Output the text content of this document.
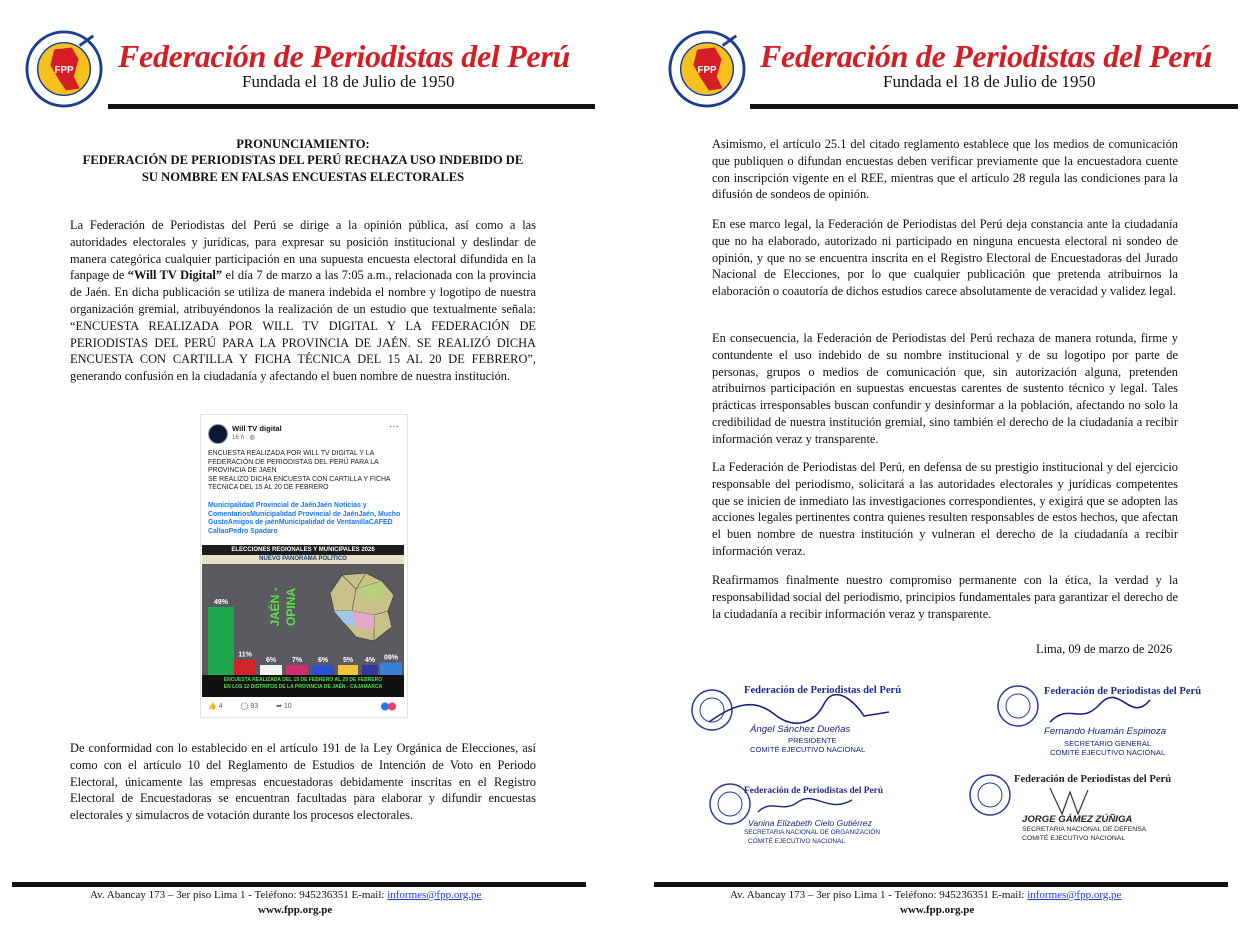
FPP Federación de Periodistas del Perú
Fundada el 18 de Julio de 1950
PRONUNCIAMIENTO:
FEDERACIÓN DE PERIODISTAS DEL PERÚ RECHAZA USO INDEBIDO DE
SU NOMBRE EN FALSAS ENCUESTAS ELECTORALES

La Federación de Periodistas del Perú se dirige a la opinión pública, así como a las autoridades electorales y jurídicas, para expresar su posición institucional y deslindar de manera categórica cualquier participación en una supuesta encuesta electoral difundida en la fanpage de “Will TV Digital” el día 7 de marzo a las 7:05 a.m., relacionada con la provincia de Jaén. En dicha publicación se utiliza de manera indebida el nombre y logotipo de nuestra organización gremial, atribuyéndonos la realización de un estudio que textualmente señala: “ENCUESTA REALIZADA POR WILL TV DIGITAL Y LA FEDERACIÓN DE PERIODISTAS DEL PERÚ PARA LA PROVINCIA DE JAÉN. SE REALIZÓ DICHA ENCUESTA CON CARTILLA Y FICHA TÉCNICA DEL 15 AL 20 DE FEBRERO”, generando confusión en la ciudadanía y afectando el buen nombre de nuestra institución.

Will TV digital
16 h · ◍
···
ENCUESTA REALIZADA POR WILL TV DIGITAL Y LA FEDERACIÓN DE PERIODISTAS DEL PERÚ PARA LA PROVINCIA DE JAEN
SE REALIZO DICHA ENCUESTA CON CARTILLA Y FICHA TECNICA DEL 15 AL 20 DE FEBRERO
Municipalidad Provincial de JaénJaén Noticias y ComentariosMunicipalidad Provincial de JaénJaén, Mucho GustoAmigos de jaénMunicipalidad de VentanillaCAFED CallaoPedro Spadaro
ELECCIONES REGIONALES Y MUNICIPALES 2026
NUEVO PANORAMA POLÍTICO
JAÉN - OPINA
49%
11%
6% 7% 6% 5% 4% 09%
ENCUESTA REALIZADA DEL 15 DE FEBRERO AL 20 DE FEBRERO
EN LOS 12 DISTRITOS DE LA PROVINCIA DE JAÉN - CAJAMARCA
👍 4	◯ 93	➦ 10

De conformidad con lo establecido en el artículo 191 de la Ley Orgánica de Elecciones, así como con el artículo 10 del Reglamento de Estudios de Intención de Voto en Periodo Electoral, únicamente las empresas encuestadoras debidamente inscritas en el Registro Electoral de Encuestadoras se encuentran facultadas para elaborar y difundir encuestas electorales y simulacros de votación durante los procesos electorales.

Av. Abancay 173 – 3er piso Lima 1 - Teléfono: 945236351 E-mail: informes@fpp.org.pe
www.fpp.org.pe
FPP Federación de Periodistas del Perú
Fundada el 18 de Julio de 1950

Asimismo, el artículo 25.1 del citado reglamento establece que los medios de comunicación que publiquen o difundan encuestas deben verificar previamente que la encuestadora cuente con inscripción vigente en el REE, mientras que el artículo 28 regula las condiciones para la difusión de sondeos de opinión.

En ese marco legal, la Federación de Periodistas del Perú deja constancia ante la ciudadanía que no ha elaborado, autorizado ni participado en ninguna encuesta electoral ni sondeo de opinión, y que no se encuentra inscrita en el Registro Electoral de Encuestadoras del Jurado Nacional de Elecciones, por lo que cualquier publicación que pretenda atribuirnos la elaboración o coautoría de dichos estudios carece absolutamente de veracidad y validez legal.

En consecuencia, la Federación de Periodistas del Perú rechaza de manera rotunda, firme y contundente el uso indebido de su nombre institucional y de su logotipo por parte de personas, grupos o medios de comunicación que, sin autorización alguna, pretenden atribuirnos participación en supuestas encuestas carentes de sustento técnico y legal. Tales prácticas irresponsables buscan confundir y desinformar a la población, afectando no solo la credibilidad de nuestra institución gremial, sino también el derecho de la ciudadanía a recibir información veraz y transparente.

La Federación de Periodistas del Perú, en defensa de su prestigio institucional y del ejercicio responsable del periodismo, solicitará a las autoridades electorales y jurídicas competentes que se inicien de inmediato las investigaciones correspondientes, y exigirá que se adopten las acciones legales pertinentes contra quienes resulten responsables de estos hechos, que afectan el buen nombre de nuestra institución y vulneran el derecho de la ciudadanía a recibir información veraz.

Reafirmamos finalmente nuestro compromiso permanente con la ética, la verdad y la responsabilidad social del periodismo, principios fundamentales para garantizar el derecho de la ciudadanía a recibir información veraz y transparente.

Lima, 09 de marzo de 2026
Federación de Periodistas del Perú
Ángel Sánchez Dueñas
PRESIDENTE
COMITÉ EJECUTIVO NACIONAL
Federación de Periodistas del Perú
Fernando Huamán Espinoza
SECRETARIO GENERAL
COMITÉ EJECUTIVO NACIONAL
Federación de Periodistas del Perú
Vanina Elizabeth Cielo Gutiérrez
SECRETARIA NACIONAL DE ORGANIZACIÓN
COMITÉ EJECUTIVO NACIONAL
Federación de Periodistas del Perú
JORGE GÁMEZ ZÚÑIGA
SECRETARIA NACIONAL DE DEFENSA
COMITÉ EJECUTIVO NACIONAL
Av. Abancay 173 – 3er piso Lima 1 - Teléfono: 945236351 E-mail: informes@fpp.org.pe
www.fpp.org.pe
